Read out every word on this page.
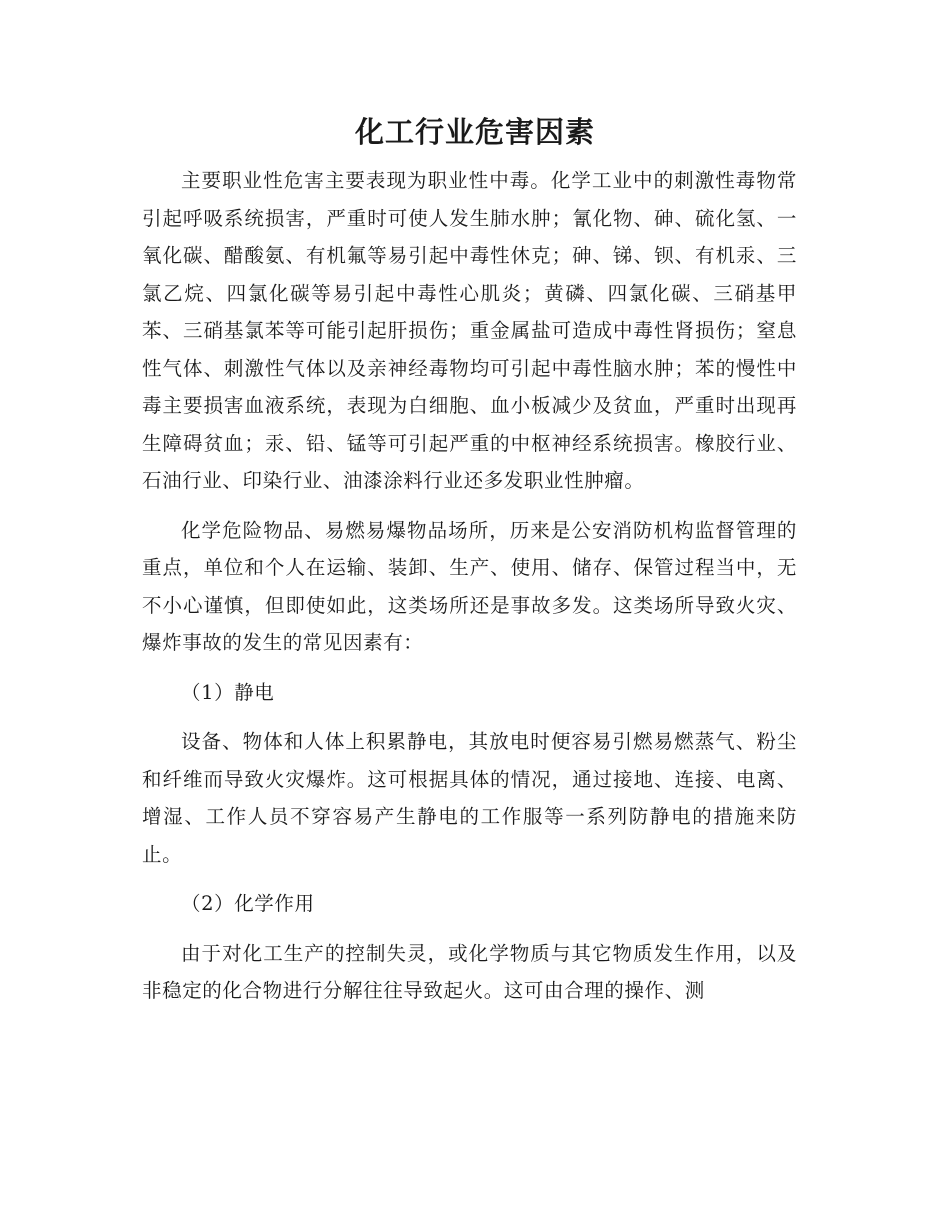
化工行业危害因素

主要职业性危害主要表现为职业性中毒。化学工业中的刺激性毒物常引起呼吸系统损害，严重时可使人发生肺水肿；氰化物、砷、硫化氢、一氧化碳、醋酸氨、有机氟等易引起中毒性休克；砷、锑、钡、有机汞、三氯乙烷、四氯化碳等易引起中毒性心肌炎；黄磷、四氯化碳、三硝基甲苯、三硝基氯苯等可能引起肝损伤；重金属盐可造成中毒性肾损伤；窒息性气体、刺激性气体以及亲神经毒物均可引起中毒性脑水肿；苯的慢性中毒主要损害血液系统，表现为白细胞、血小板减少及贫血，严重时出现再生障碍贫血；汞、铅、锰等可引起严重的中枢神经系统损害。橡胶行业、石油行业、印染行业、油漆涂料行业还多发职业性肿瘤。

化学危险物品、易燃易爆物品场所，历来是公安消防机构监督管理的重点，单位和个人在运输、装卸、生产、使用、储存、保管过程当中，无不小心谨慎，但即使如此，这类场所还是事故多发。这类场所导致火灾、爆炸事故的发生的常见因素有：

（1）静电

设备、物体和人体上积累静电，其放电时便容易引燃易燃蒸气、粉尘和纤维而导致火灾爆炸。这可根据具体的情况，通过接地、连接、电离、增湿、工作人员不穿容易产生静电的工作服等一系列防静电的措施来防止。

（2）化学作用

由于对化工生产的控制失灵，或化学物质与其它物质发生作用，以及非稳定的化合物进行分解往往导致起火。这可由合理的操作、测
